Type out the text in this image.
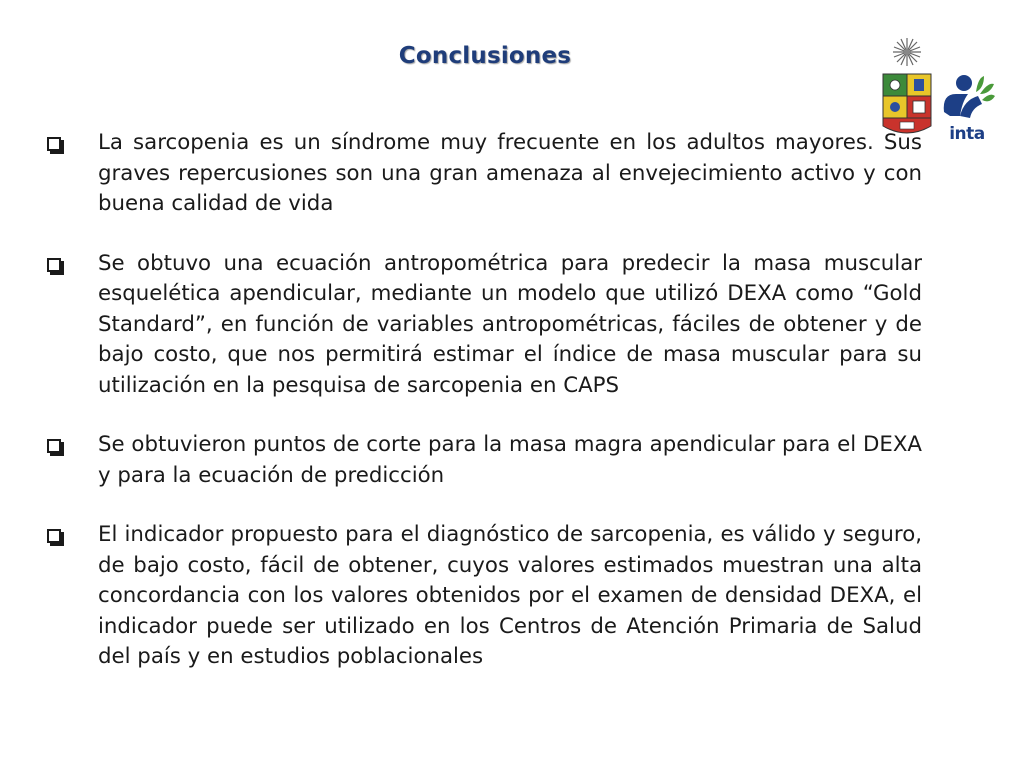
Conclusiones
inta

La sarcopenia es un síndrome muy frecuente en los adultos mayores. Sus graves repercusiones son una gran amenaza al envejecimiento activo y con buena calidad de vida

Se obtuvo una ecuación antropométrica para predecir la masa muscular esquelética apendicular, mediante un modelo que utilizó DEXA como “Gold Standard”, en función de variables antropométricas, fáciles de obtener y de bajo costo, que nos permitirá estimar el índice de masa muscular para su utilización en la pesquisa de sarcopenia en CAPS

Se obtuvieron puntos de corte para la masa magra apendicular para el DEXA y para la ecuación de predicción

El indicador propuesto para el diagnóstico de sarcopenia, es válido y seguro, de bajo costo, fácil de obtener, cuyos valores estimados muestran una alta concordancia con los valores obtenidos por el examen de densidad DEXA, el indicador puede ser utilizado en los Centros de Atención Primaria de Salud del país y en estudios poblacionales
